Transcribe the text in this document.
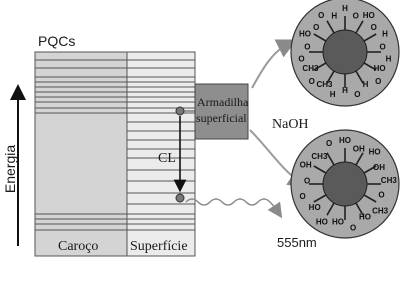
H
O HO
O
H
O
H
HO
O
H
O
H
H
CH3
O
CH3
O
O
HO
O
O H
HO
OH HO
OH
CH3
O
CH3
HO
O
HO
HO
HO
O
O
OH
CH3
O
PQCs
Energia
Armadilha
superficial NaOH
CL
555nm
Caroço Superfície
